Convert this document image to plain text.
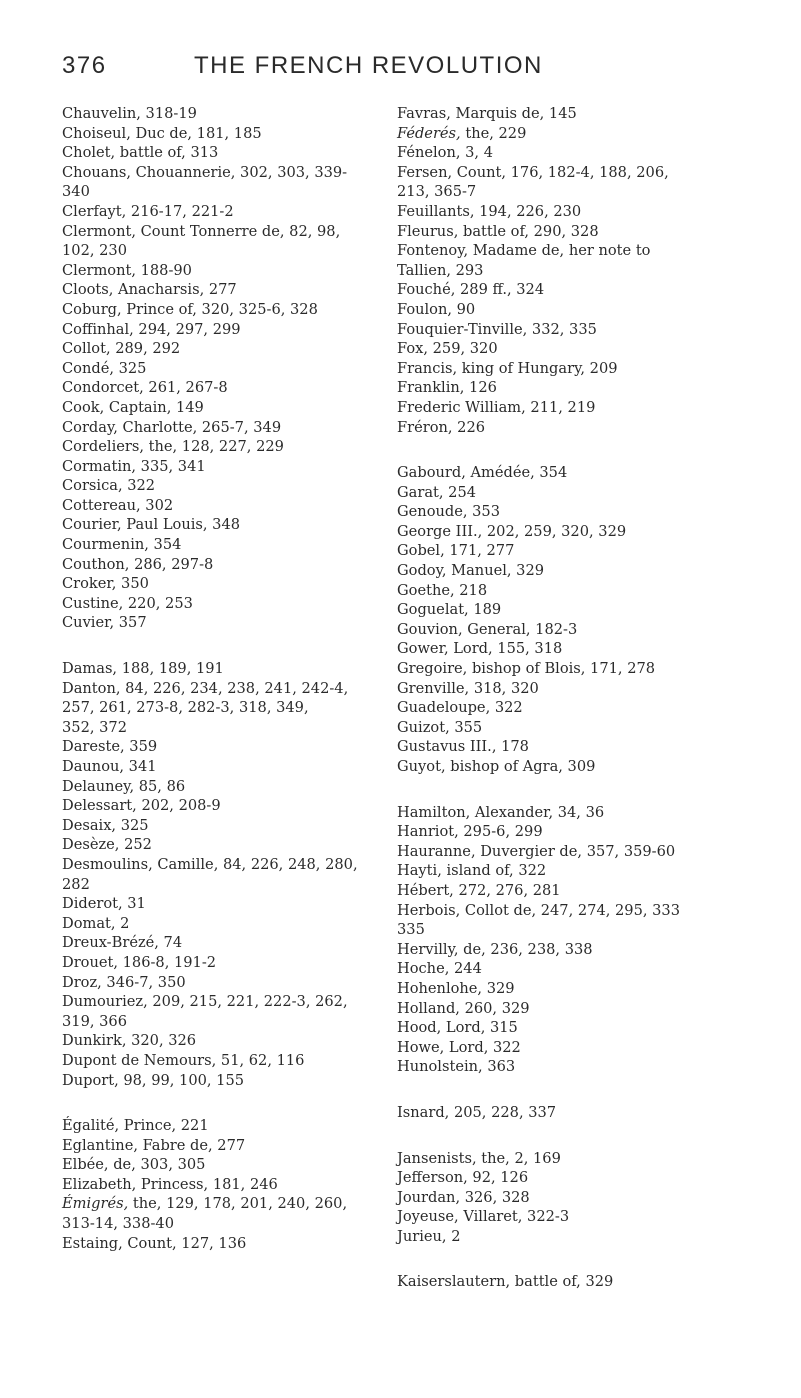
376	THE FRENCH REVOLUTION
Chauvelin, 318-19
Choiseul, Duc de, 181, 185
Cholet, battle of, 313
Chouans, Chouannerie, 302, 303, 339-
340
Clerfayt, 216-17, 221-2
Clermont, Count Tonnerre de, 82, 98,
102, 230
Clermont, 188-90
Cloots, Anacharsis, 277
Coburg, Prince of, 320, 325-6, 328
Coffinhal, 294, 297, 299
Collot, 289, 292
Condé, 325
Condorcet, 261, 267-8
Cook, Captain, 149
Corday, Charlotte, 265-7, 349
Cordeliers, the, 128, 227, 229
Cormatin, 335, 341
Corsica, 322
Cottereau, 302
Courier, Paul Louis, 348
Courmenin, 354
Couthon, 286, 297-8
Croker, 350
Custine, 220, 253
Cuvier, 357
Damas, 188, 189, 191
Danton, 84, 226, 234, 238, 241, 242-4,
257, 261, 273-8, 282-3, 318, 349,
352, 372
Dareste, 359
Daunou, 341
Delauney, 85, 86
Delessart, 202, 208-9
Desaix, 325
Desèze, 252
Desmoulins, Camille, 84, 226, 248, 280,
282
Diderot, 31
Domat, 2
Dreux-Brézé, 74
Drouet, 186-8, 191-2
Droz, 346-7, 350
Dumouriez, 209, 215, 221, 222-3, 262,
319, 366
Dunkirk, 320, 326
Dupont de Nemours, 51, 62, 116
Duport, 98, 99, 100, 155
Égalité, Prince, 221
Eglantine, Fabre de, 277
Elbée, de, 303, 305
Elizabeth, Princess, 181, 246
Émigrés, the, 129, 178, 201, 240, 260,
313-14, 338-40
Estaing, Count, 127, 136
Favras, Marquis de, 145
Féderés, the, 229
Fénelon, 3, 4
Fersen, Count, 176, 182-4, 188, 206,
213, 365-7
Feuillants, 194, 226, 230
Fleurus, battle of, 290, 328
Fontenoy, Madame de, her note to
Tallien, 293
Fouché, 289 ff., 324
Foulon, 90
Fouquier-Tinville, 332, 335
Fox, 259, 320
Francis, king of Hungary, 209
Franklin, 126
Frederic William, 211, 219
Fréron, 226
Gabourd, Amédée, 354
Garat, 254
Genoude, 353
George III., 202, 259, 320, 329
Gobel, 171, 277
Godoy, Manuel, 329
Goethe, 218
Goguelat, 189
Gouvion, General, 182-3
Gower, Lord, 155, 318
Gregoire, bishop of Blois, 171, 278
Grenville, 318, 320
Guadeloupe, 322
Guizot, 355
Gustavus III., 178
Guyot, bishop of Agra, 309
Hamilton, Alexander, 34, 36
Hanriot, 295-6, 299
Hauranne, Duvergier de, 357, 359-60
Hayti, island of, 322
Hébert, 272, 276, 281
Herbois, Collot de, 247, 274, 295, 333
335
Hervilly, de, 236, 238, 338
Hoche, 244
Hohenlohe, 329
Holland, 260, 329
Hood, Lord, 315
Howe, Lord, 322
Hunolstein, 363
Isnard, 205, 228, 337
Jansenists, the, 2, 169
Jefferson, 92, 126
Jourdan, 326, 328
Joyeuse, Villaret, 322-3
Jurieu, 2
Kaiserslautern, battle of, 329
